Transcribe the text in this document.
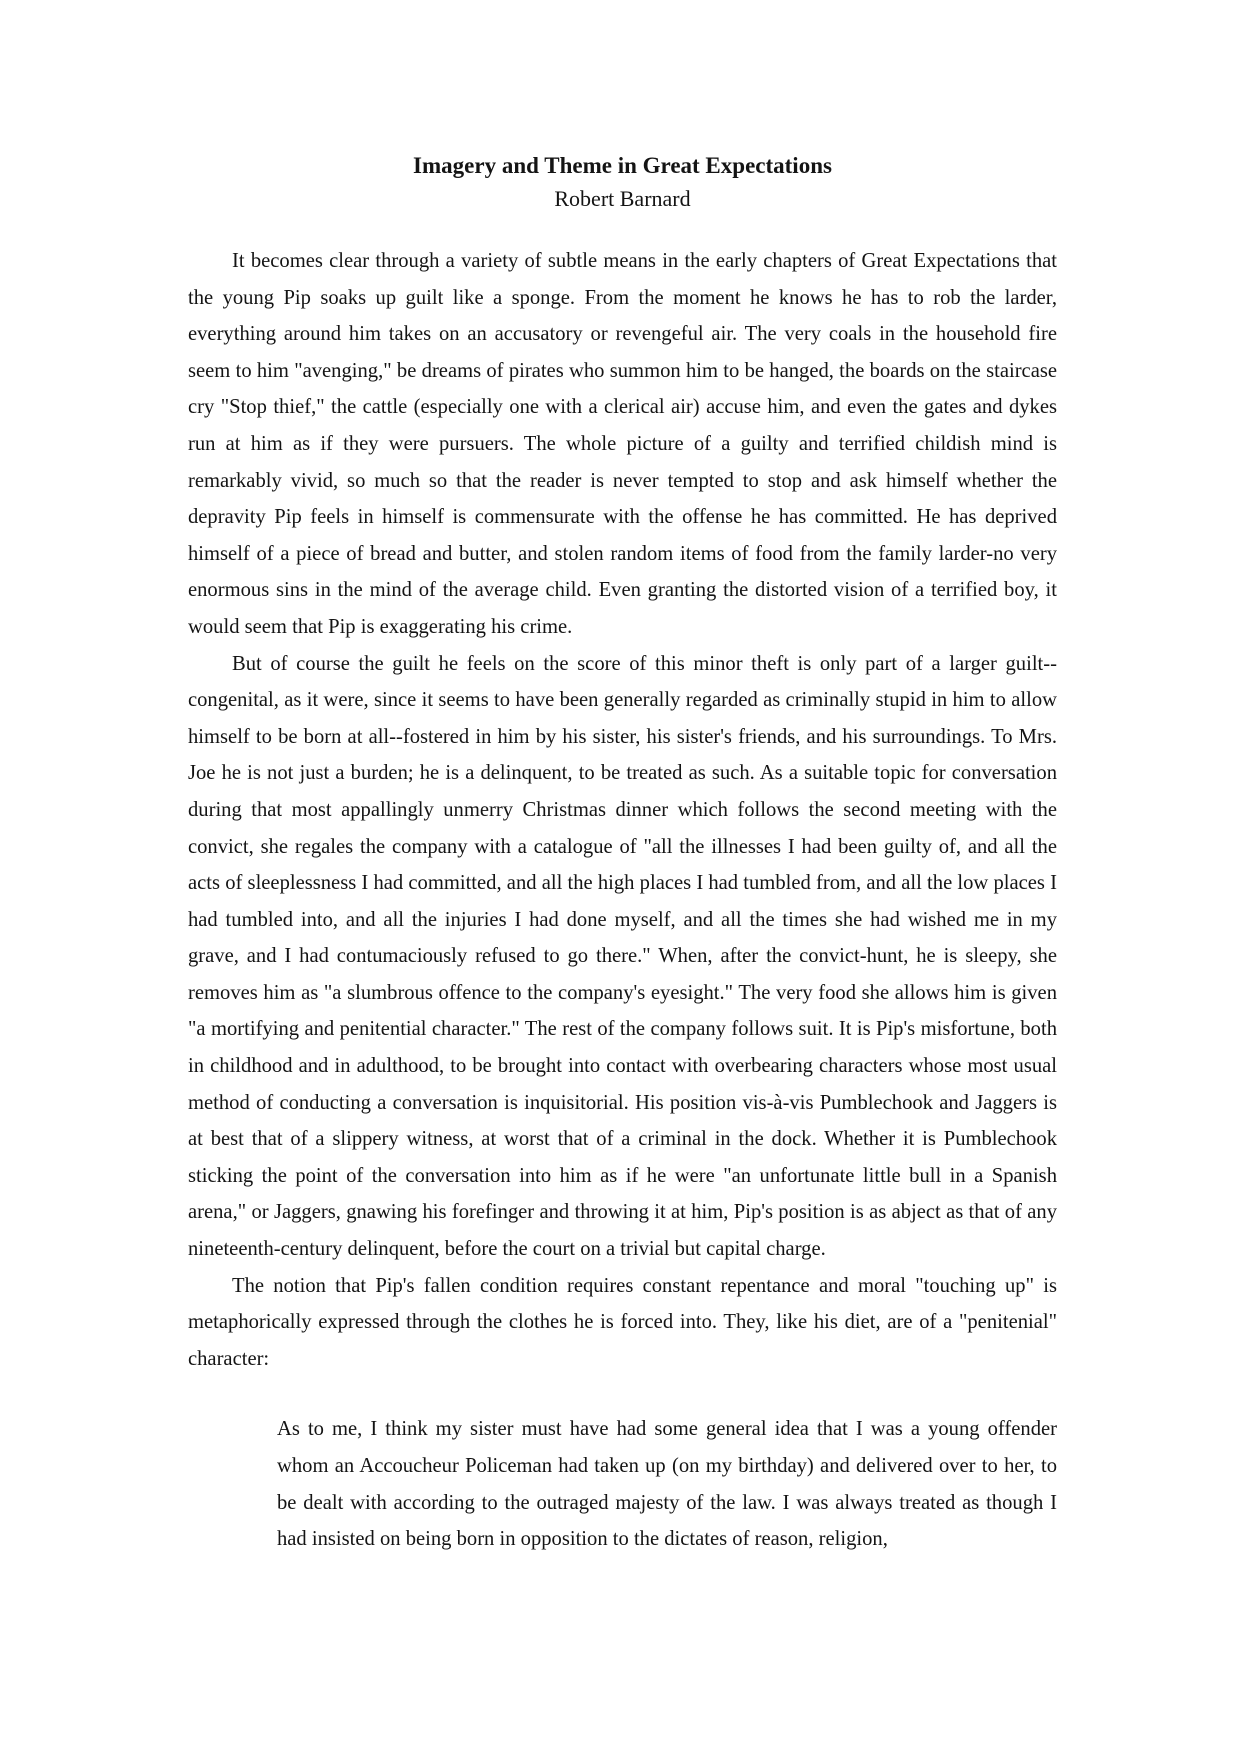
Imagery and Theme in Great Expectations
Robert Barnard

It becomes clear through a variety of subtle means in the early chapters of Great Expectations that the young Pip soaks up guilt like a sponge. From the moment he knows he has to rob the larder, everything around him takes on an accusatory or revengeful air. The very coals in the household fire seem to him "avenging," be dreams of pirates who summon him to be hanged, the boards on the staircase cry "Stop thief," the cattle (especially one with a clerical air) accuse him, and even the gates and dykes run at him as if they were pursuers. The whole picture of a guilty and terrified childish mind is remarkably vivid, so much so that the reader is never tempted to stop and ask himself whether the depravity Pip feels in himself is commensurate with the offense he has committed. He has deprived himself of a piece of bread and butter, and stolen random items of food from the family larder-no very enormous sins in the mind of the average child. Even granting the distorted vision of a terrified boy, it would seem that Pip is exaggerating his crime.

But of course the guilt he feels on the score of this minor theft is only part of a larger guilt--congenital, as it were, since it seems to have been generally regarded as criminally stupid in him to allow himself to be born at all--fostered in him by his sister, his sister's friends, and his surroundings. To Mrs. Joe he is not just a burden; he is a delinquent, to be treated as such. As a suitable topic for conversation during that most appallingly unmerry Christmas dinner which follows the second meeting with the convict, she regales the company with a catalogue of "all the illnesses I had been guilty of, and all the acts of sleeplessness I had committed, and all the high places I had tumbled from, and all the low places I had tumbled into, and all the injuries I had done myself, and all the times she had wished me in my grave, and I had contumaciously refused to go there." When, after the convict-hunt, he is sleepy, she removes him as "a slumbrous offence to the company's eyesight." The very food she allows him is given "a mortifying and penitential character." The rest of the company follows suit. It is Pip's misfortune, both in childhood and in adulthood, to be brought into contact with overbearing characters whose most usual method of conducting a conversation is inquisitorial. His position vis-à-vis Pumblechook and Jaggers is at best that of a slippery witness, at worst that of a criminal in the dock. Whether it is Pumblechook sticking the point of the conversation into him as if he were "an unfortunate little bull in a Spanish arena," or Jaggers, gnawing his forefinger and throwing it at him, Pip's position is as abject as that of any nineteenth-century delinquent, before the court on a trivial but capital charge.

The notion that Pip's fallen condition requires constant repentance and moral "touching up" is metaphorically expressed through the clothes he is forced into. They, like his diet, are of a "penitenial" character:

As to me, I think my sister must have had some general idea that I was a young offender whom an Accoucheur Policeman had taken up (on my birthday) and delivered over to her, to be dealt with according to the outraged majesty of the law. I was always treated as though I had insisted on being born in opposition to the dictates of reason, religion,
